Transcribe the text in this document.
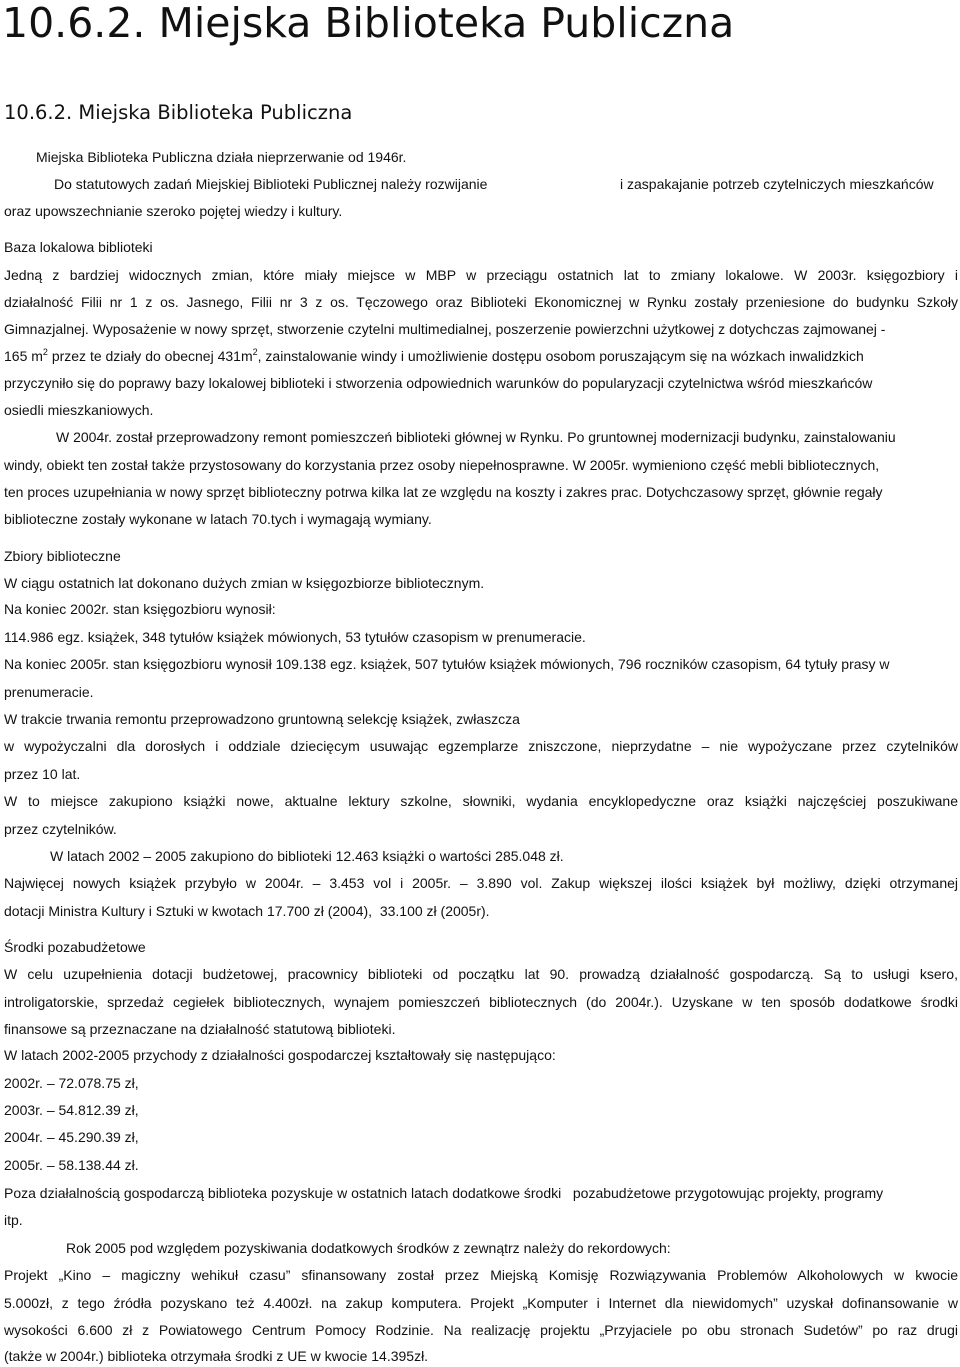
10.6.2. Miejska Biblioteka Publiczna
10.6.2. Miejska Biblioteka Publiczna
Miejska Biblioteka Publiczna działa nieprzerwanie od 1946r.
Do statutowych zadań Miejskiej Biblioteki Publicznej należy rozwijanie	i zaspakajanie potrzeb czytelniczych mieszkańców
oraz upowszechnianie szeroko pojętej wiedzy i kultury.
Baza lokalowa biblioteki
Jedną z bardziej widocznych zmian, które miały miejsce w MBP w przeciągu ostatnich lat to zmiany lokalowe. W 2003r. księgozbiory i
działalność Filii nr 1 z os. Jasnego, Filii nr 3 z os. Tęczowego oraz Biblioteki Ekonomicznej w Rynku zostały przeniesione do budynku Szkoły
Gimnazjalnej. Wyposażenie w nowy sprzęt, stworzenie czytelni multimedialnej, poszerzenie powierzchni użytkowej z dotychczas zajmowanej -
165 $m^2$ przez te działy do obecnej $431m^2$, zainstalowanie windy i umożliwienie dostępu osobom poruszającym się na wózkach inwalidzkich
przyczyniło się do poprawy bazy lokalowej biblioteki i stworzenia odpowiednich warunków do popularyzacji czytelnictwa wśród mieszkańców
osiedli mieszkaniowych.
W 2004r. został przeprowadzony remont pomieszczeń biblioteki głównej w Rynku. Po gruntownej modernizacji budynku, zainstalowaniu
windy, obiekt ten został także przystosowany do korzystania przez osoby niepełnosprawne. W 2005r. wymieniono część mebli bibliotecznych,
ten proces uzupełniania w nowy sprzęt biblioteczny potrwa kilka lat ze względu na koszty i zakres prac. Dotychczasowy sprzęt, głównie regały
biblioteczne zostały wykonane w latach 70.tych i wymagają wymiany.
Zbiory biblioteczne
W ciągu ostatnich lat dokonano dużych zmian w księgozbiorze bibliotecznym.
Na koniec 2002r. stan księgozbioru wynosił:
114.986 egz. książek, 348 tytułów książek mówionych, 53 tytułów czasopism w prenumeracie.
Na koniec 2005r. stan księgozbioru wynosił 109.138 egz. książek, 507 tytułów książek mówionych, 796 roczników czasopism, 64 tytuły prasy w
prenumeracie.
W trakcie trwania remontu przeprowadzono gruntowną selekcję książek, zwłaszcza
w wypożyczalni dla dorosłych i oddziale dziecięcym usuwając egzemplarze zniszczone, nieprzydatne – nie wypożyczane przez czytelników
przez 10 lat.
W to miejsce zakupiono książki nowe, aktualne lektury szkolne, słowniki, wydania encyklopedyczne oraz książki najczęściej poszukiwane
przez czytelników.
W latach 2002 – 2005 zakupiono do biblioteki 12.463 książki o wartości 285.048 zł.
Najwięcej nowych książek przybyło w 2004r. – 3.453 vol i 2005r. – 3.890 vol. Zakup większej ilości książek był możliwy, dzięki otrzymanej
dotacji Ministra Kultury i Sztuki w kwotach 17.700 zł (2004),  33.100 zł (2005r).
Środki pozabudżetowe
W celu uzupełnienia dotacji budżetowej, pracownicy biblioteki od początku lat 90. prowadzą działalność gospodarczą. Są to usługi ksero,
introligatorskie, sprzedaż cegiełek bibliotecznych, wynajem pomieszczeń bibliotecznych (do 2004r.). Uzyskane w ten sposób dodatkowe środki
finansowe są przeznaczane na działalność statutową biblioteki.
W latach 2002-2005 przychody z działalności gospodarczej kształtowały się następująco:
2002r. – 72.078.75 zł,
2003r. – 54.812.39 zł,
2004r. – 45.290.39 zł,
2005r. – 58.138.44 zł.
Poza działalnością gospodarczą biblioteka pozyskuje w ostatnich latach dodatkowe środki   pozabudżetowe przygotowując projekty, programy
itp.
Rok 2005 pod względem pozyskiwania dodatkowych środków z zewnątrz należy do rekordowych:
Projekt „Kino – magiczny wehikuł czasu” sfinansowany został przez Miejską Komisję Rozwiązywania Problemów Alkoholowych w kwocie
5.000zł, z tego źródła pozyskano też 4.400zł. na zakup komputera. Projekt „Komputer i Internet dla niewidomych” uzyskał dofinansowanie w
wysokości 6.600 zł z Powiatowego Centrum Pomocy Rodzinie. Na realizację projektu „Przyjaciele po obu stronach Sudetów” po raz drugi
(także w 2004r.) biblioteka otrzymała środki z UE w kwocie 14.395zł.
